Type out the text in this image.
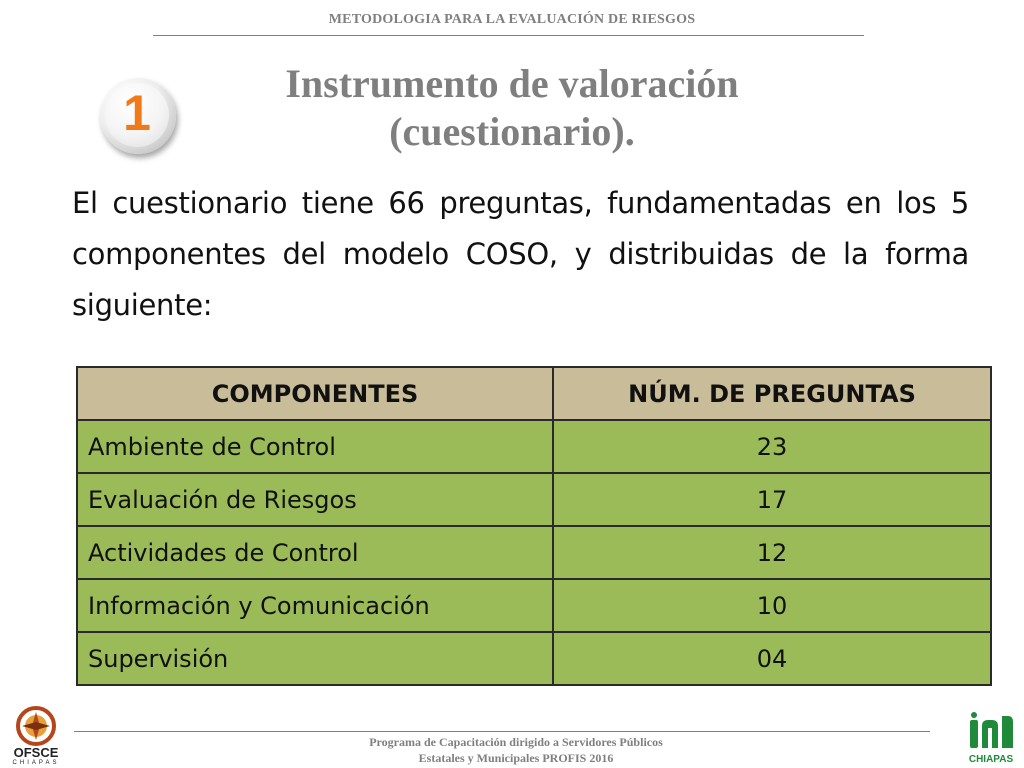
METODOLOGIA PARA LA EVALUACIÓN DE RIESGOS
1
Instrumento de valoración
(cuestionario).
El cuestionario tiene 66 preguntas, fundamentadas en los 5 componentes del modelo COSO, y distribuidas de la forma siguiente:
COMPONENTES	NÚM. DE PREGUNTAS
Ambiente de Control	23
Evaluación de Riesgos	17
Actividades de Control	12
Información y Comunicación	10
Supervisión	04
OFSCE
CHIAPAS
Programa de Capacitación dirigido a Servidores Públicos
Estatales y Municipales PROFIS 2016	CHIAPAS
